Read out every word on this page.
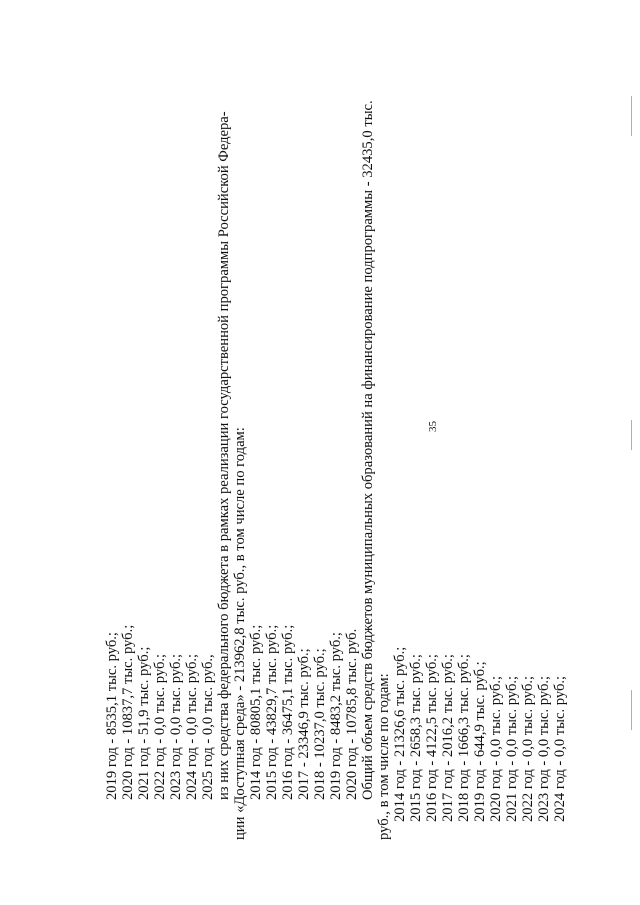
35
2019 год - 8535,1 тыс. руб.; 2020 год - 10837,7 тыс. руб.; 2021 год - 51,9 тыс. руб.; 2022 год - 0,0 тыс. руб.; 2023 год - 0,0 тыс. руб.; 2024 год - 0,0 тыс. руб.; 2025 год - 0,0 тыс. руб., из них средства федерального бюджета в рамках реализации государственной программы Российской Федера- ции «Доступная среда» - 213962,8 тыс. руб., в том числе по годам: 2014 год - 80805,1 тыс. руб.; 2015 год - 43829,7 тыс. руб.; 2016 год - 36475,1 тыс. руб.; 2017 - 23346,9 тыс. руб.; 2018 - 10237,0 тыс. руб.; 2019 год - 8483,2 тыс. руб.; 2020 год - 10785,8 тыс. руб. Общий объем средств бюджетов муниципальных образований на финансирование подпрограммы - 32435,0 тыс. руб., в том числе по годам: 2014 год - 21326,6 тыс. руб.; 2015 год - 2658,3 тыс. руб.; 2016 год - 4122,5 тыс. руб.; 2017 год - 2016,2 тыс. руб.; 2018 год - 1666,3 тыс. руб.; 2019 год - 644,9 тыс. руб.; 2020 год - 0,0 тыс. руб.; 2021 год - 0,0 тыс. руб.; 2022 год - 0,0 тыс. руб.; 2023 год - 0,0 тыс. руб.; 2024 год - 0,0 тыс. руб.;
